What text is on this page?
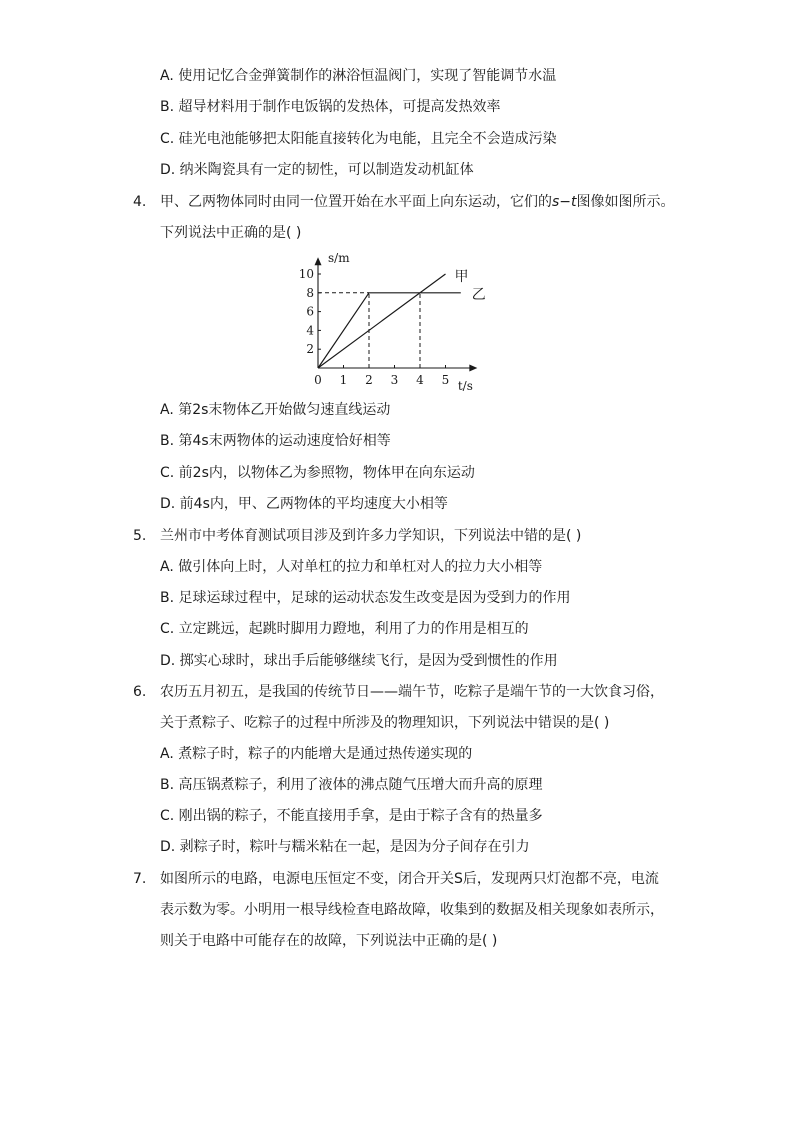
A. 使用记忆合金弹簧制作的淋浴恒温阀门，实现了智能调节水温
B. 超导材料用于制作电饭锅的发热体，可提高发热效率
C. 硅光电池能够把太阳能直接转化为电能，且完全不会造成污染
D. 纳米陶瓷具有一定的韧性，可以制造发动机缸体
4. 甲、乙两物体同时由同一位置开始在水平面上向东运动，它们的s−t图像如图所示。
下列说法中正确的是( )
0 1 2 3 4 5
2
4
6
8
10
s/m
t/s
甲
乙
A. 第2s末物体乙开始做匀速直线运动
B. 第4s末两物体的运动速度恰好相等
C. 前2s内，以物体乙为参照物，物体甲在向东运动
D. 前4s内，甲、乙两物体的平均速度大小相等
5. 兰州市中考体育测试项目涉及到许多力学知识，下列说法中错的是( )
A. 做引体向上时，人对单杠的拉力和单杠对人的拉力大小相等
B. 足球运球过程中，足球的运动状态发生改变是因为受到力的作用
C. 立定跳远，起跳时脚用力蹬地，利用了力的作用是相互的
D. 掷实心球时，球出手后能够继续飞行，是因为受到惯性的作用
6. 农历五月初五，是我国的传统节日——端午节，吃粽子是端午节的一大饮食习俗，
关于煮粽子、吃粽子的过程中所涉及的物理知识，下列说法中错误的是( )
A. 煮粽子时，粽子的内能增大是通过热传递实现的
B. 高压锅煮粽子，利用了液体的沸点随气压增大而升高的原理
C. 刚出锅的粽子，不能直接用手拿，是由于粽子含有的热量多
D. 剥粽子时，粽叶与糯米粘在一起，是因为分子间存在引力
7. 如图所示的电路，电源电压恒定不变，闭合开关S后，发现两只灯泡都不亮，电流
表示数为零。小明用一根导线检查电路故障，收集到的数据及相关现象如表所示，
则关于电路中可能存在的故障，下列说法中正确的是( )
